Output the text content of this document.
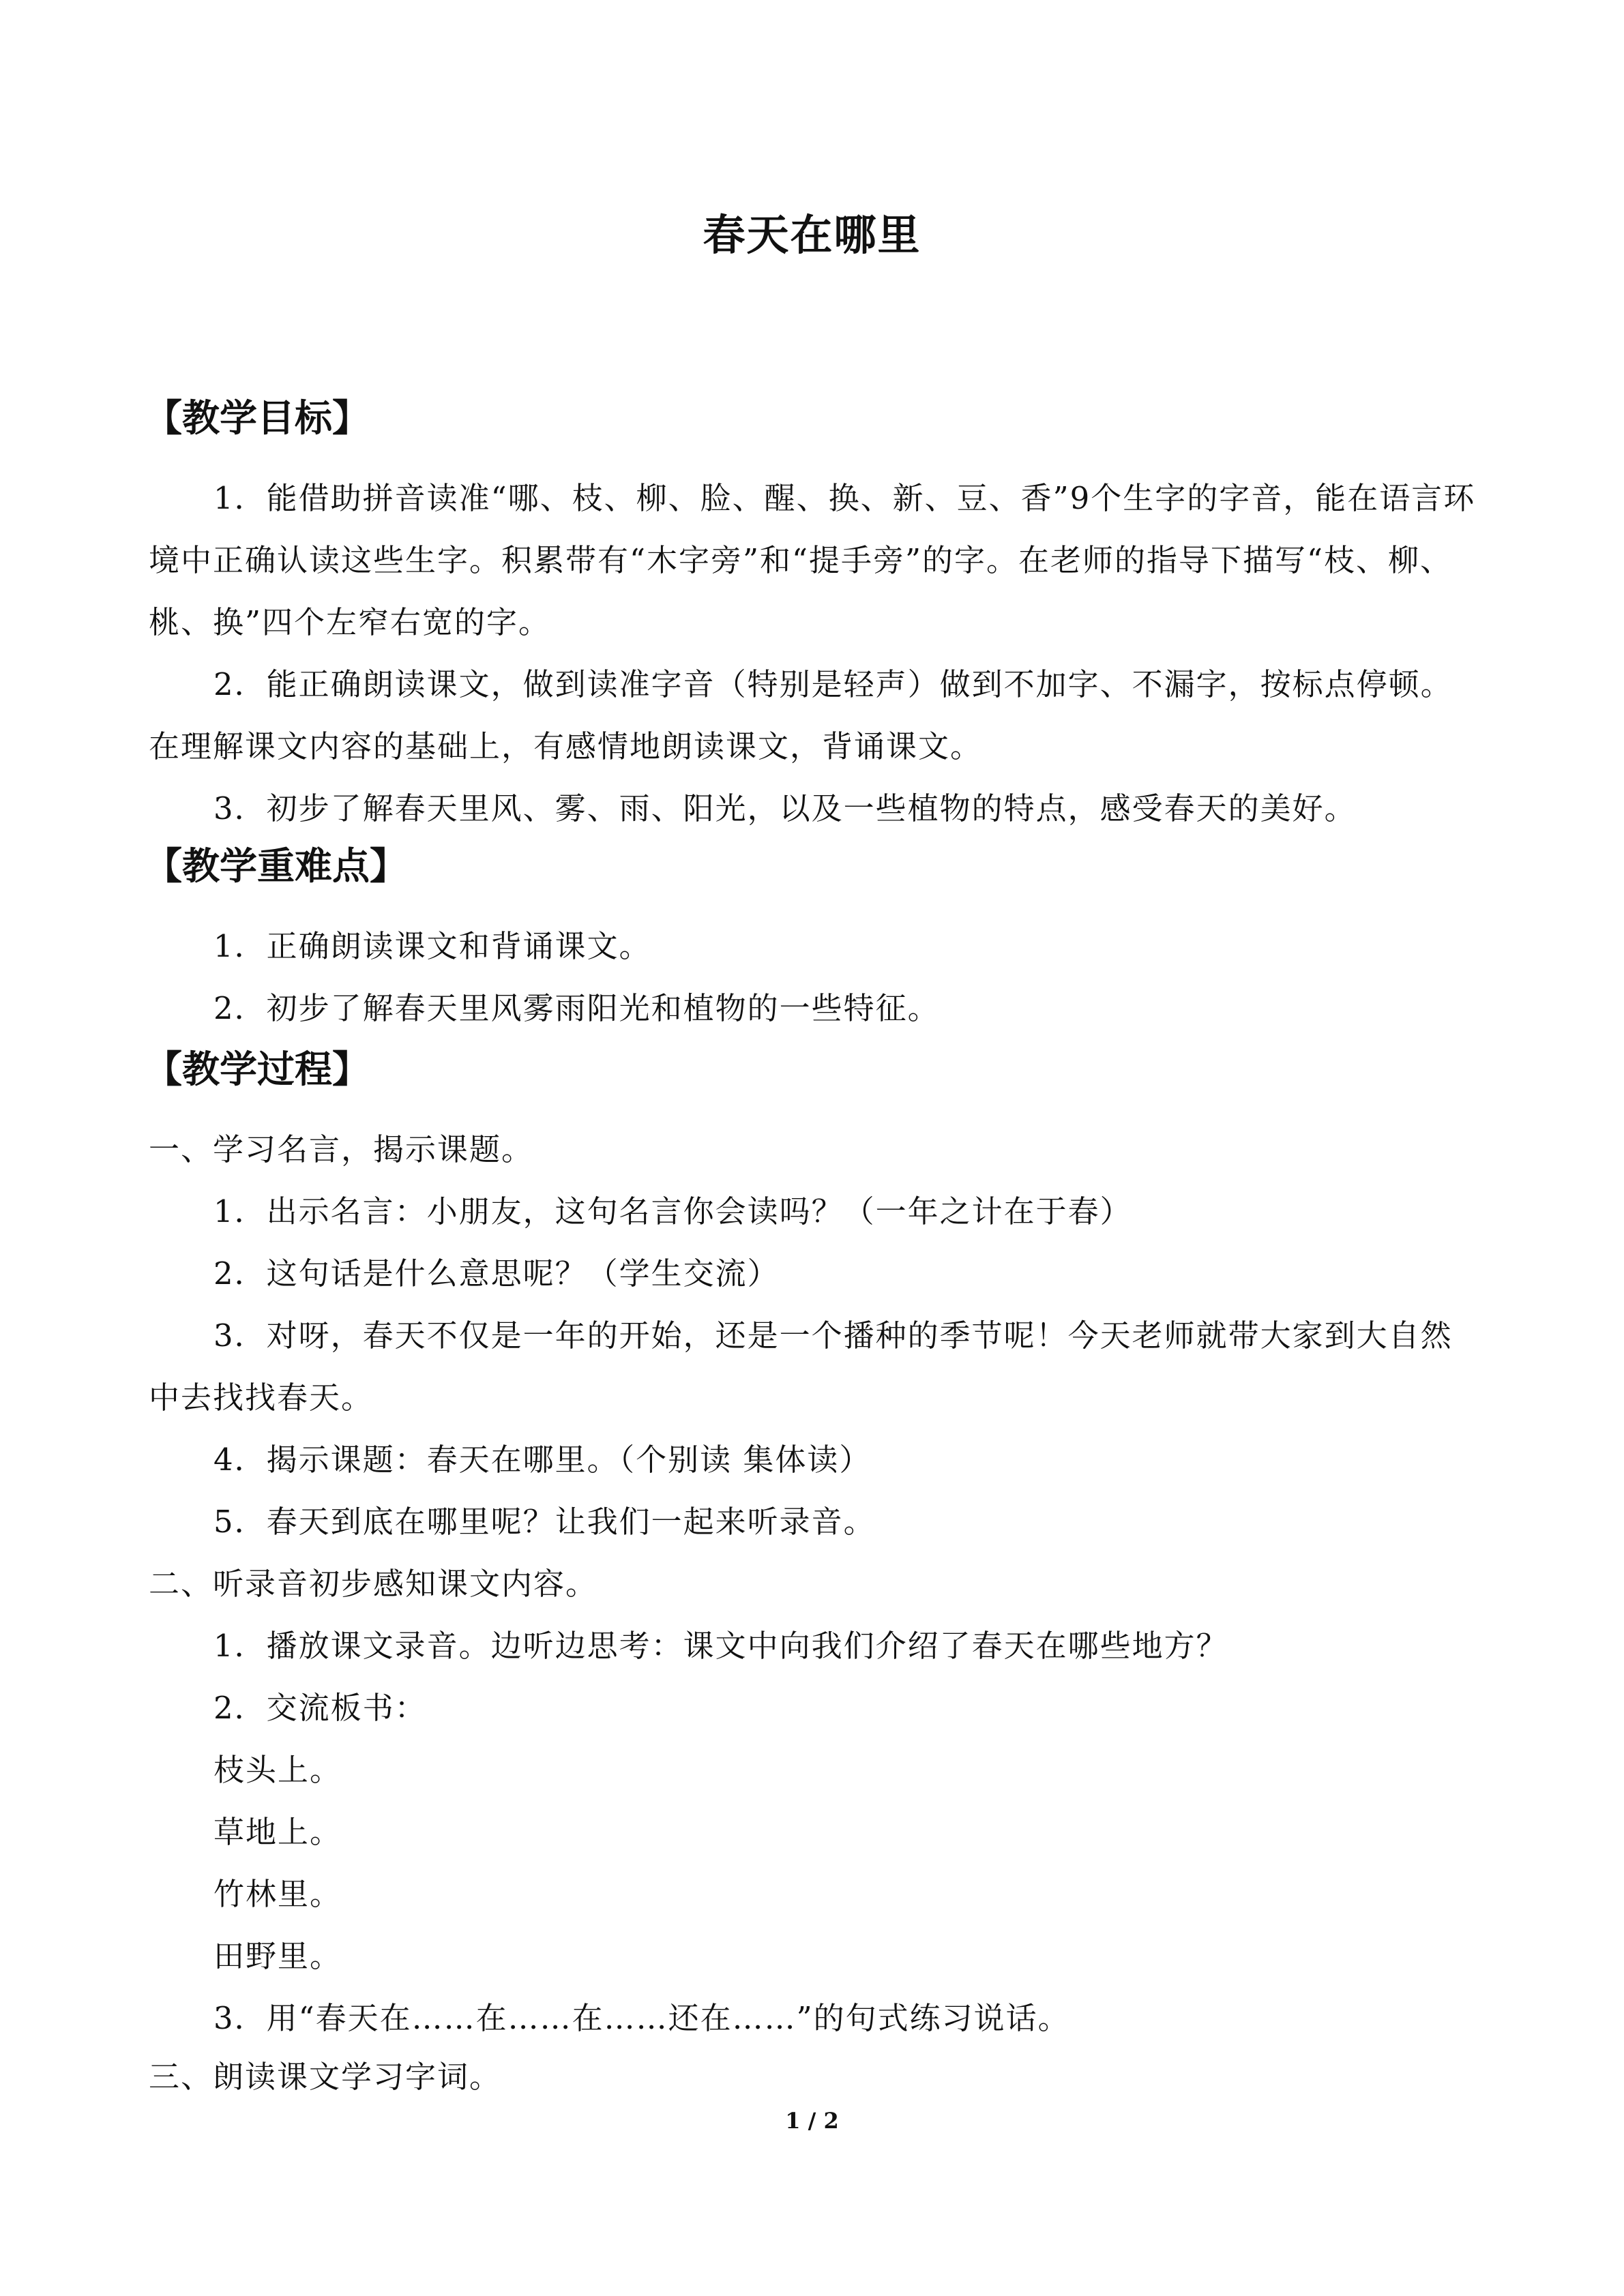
春天在哪里
【教学目标】
1．能借助拼音读准“哪、枝、柳、脸、醒、换、新、豆、香”9个生字的字音，能在语言环境中正确认读这些生字。积累带有“木字旁”和“提手旁”的字。在老师的指导下描写“枝、柳、桃、换”四个左窄右宽的字。
2．能正确朗读课文，做到读准字音（特别是轻声）做到不加字、不漏字，按标点停顿。在理解课文内容的基础上，有感情地朗读课文，背诵课文。
3．初步了解春天里风、雾、雨、阳光，以及一些植物的特点，感受春天的美好。
【教学重难点】
1．正确朗读课文和背诵课文。
2．初步了解春天里风雾雨阳光和植物的一些特征。
【教学过程】
一、学习名言，揭示课题。
1．出示名言：小朋友，这句名言你会读吗？（一年之计在于春）
2．这句话是什么意思呢？（学生交流）
3．对呀，春天不仅是一年的开始，还是一个播种的季节呢！今天老师就带大家到大自然中去找找春天。
4．揭示课题：春天在哪里。（个别读 集体读）
5．春天到底在哪里呢？让我们一起来听录音。
二、听录音初步感知课文内容。
1．播放课文录音。边听边思考：课文中向我们介绍了春天在哪些地方？
2．交流板书：
枝头上。
草地上。
竹林里。
田野里。
3．用“春天在……在……在……还在……”的句式练习说话。
三、朗读课文学习字词。
1 / 2
